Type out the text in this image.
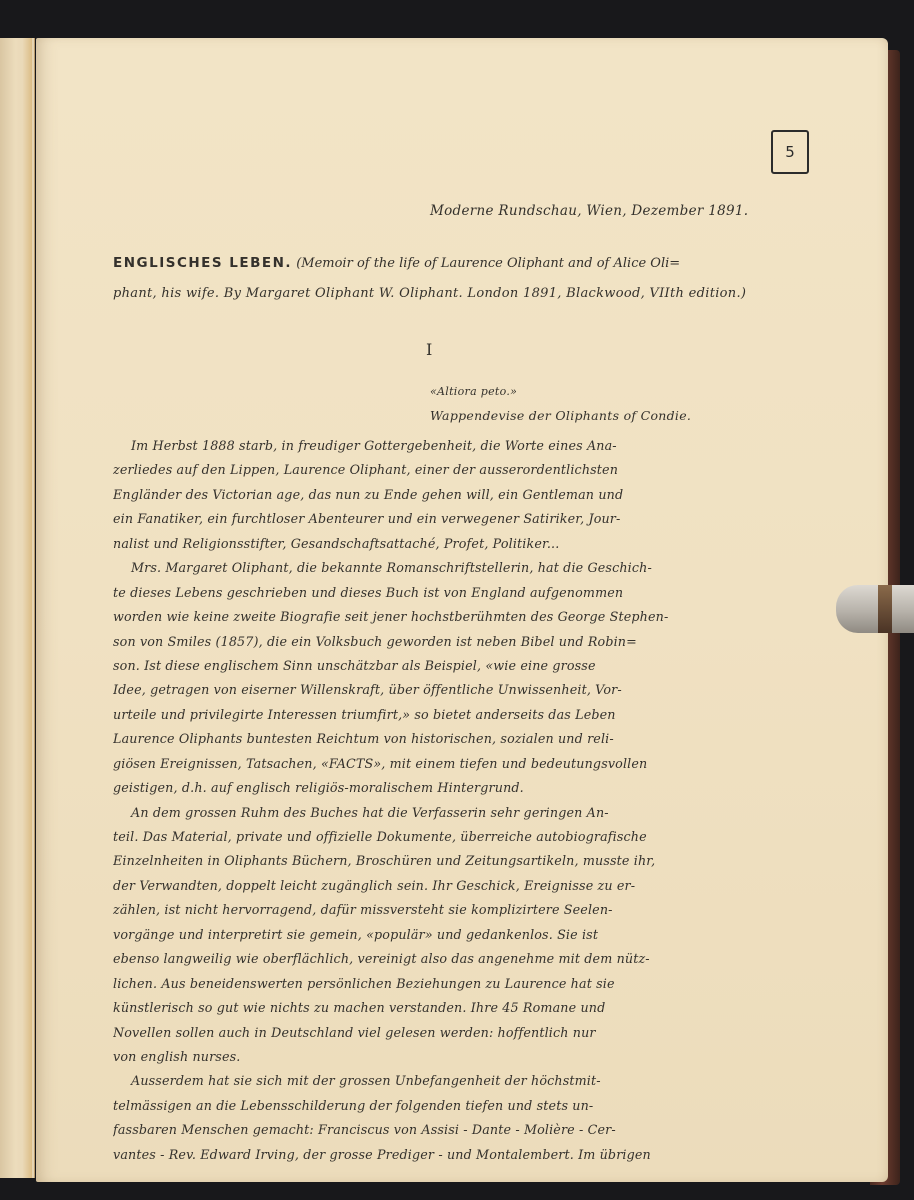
5
Moderne Rundschau, Wien, Dezember 1891.
ENGLISCHES LEBEN. (Memoir of the life of Laurence Oliphant and of Alice Oli=
phant, his wife. By Margaret Oliphant W. Oliphant. London 1891, Blackwood, VIIth edition.)
I
«Altiora peto.»
Wappendevise der Oliphants of Condie.
Im Herbst 1888 starb, in freudiger Gottergebenheit, die Worte eines Ana-
zerliedes auf den Lippen, Laurence Oliphant, einer der ausserordentlichsten
Engländer des Victorian age, das nun zu Ende gehen will, ein Gentleman und
ein Fanatiker, ein furchtloser Abenteurer und ein verwegener Satiriker, Jour-
nalist und Religionsstifter, Gesandschaftsattaché, Profet, Politiker...
Mrs. Margaret Oliphant, die bekannte Romanschriftstellerin, hat die Geschich-
te dieses Lebens geschrieben und dieses Buch ist von England aufgenommen
worden wie keine zweite Biografie seit jener hochstberühmten des George Stephen-
son von Smiles (1857), die ein Volksbuch geworden ist neben Bibel und Robin=
son. Ist diese englischem Sinn unschätzbar als Beispiel, «wie eine grosse
Idee, getragen von eiserner Willenskraft, über öffentliche Unwissenheit, Vor-
urteile und privilegirte Interessen triumfirt,» so bietet anderseits das Leben
Laurence Oliphants buntesten Reichtum von historischen, sozialen und reli-
giösen Ereignissen, Tatsachen, «FACTS», mit einem tiefen und bedeutungsvollen
geistigen, d.h. auf englisch religiös-moralischem Hintergrund.
An dem grossen Ruhm des Buches hat die Verfasserin sehr geringen An-
teil. Das Material, private und offizielle Dokumente, überreiche autobiografische
Einzelnheiten in Oliphants Büchern, Broschüren und Zeitungsartikeln, musste ihr,
der Verwandten, doppelt leicht zugänglich sein. Ihr Geschick, Ereignisse zu er-
zählen, ist nicht hervorragend, dafür missversteht sie komplizirtere Seelen-
vorgänge und interpretirt sie gemein, «populär» und gedankenlos. Sie ist
ebenso langweilig wie oberflächlich, vereinigt also das angenehme mit dem nütz-
lichen. Aus beneidenswerten persönlichen Beziehungen zu Laurence hat sie
künstlerisch so gut wie nichts zu machen verstanden. Ihre 45 Romane und
Novellen sollen auch in Deutschland viel gelesen werden: hoffentlich nur
von english nurses.
Ausserdem hat sie sich mit der grossen Unbefangenheit der höchstmit-
telmässigen an die Lebensschilderung der folgenden tiefen und stets un-
fassbaren Menschen gemacht: Franciscus von Assisi - Dante - Molière - Cer-
vantes - Rev. Edward Irving, der grosse Prediger - und Montalembert. Im übrigen
